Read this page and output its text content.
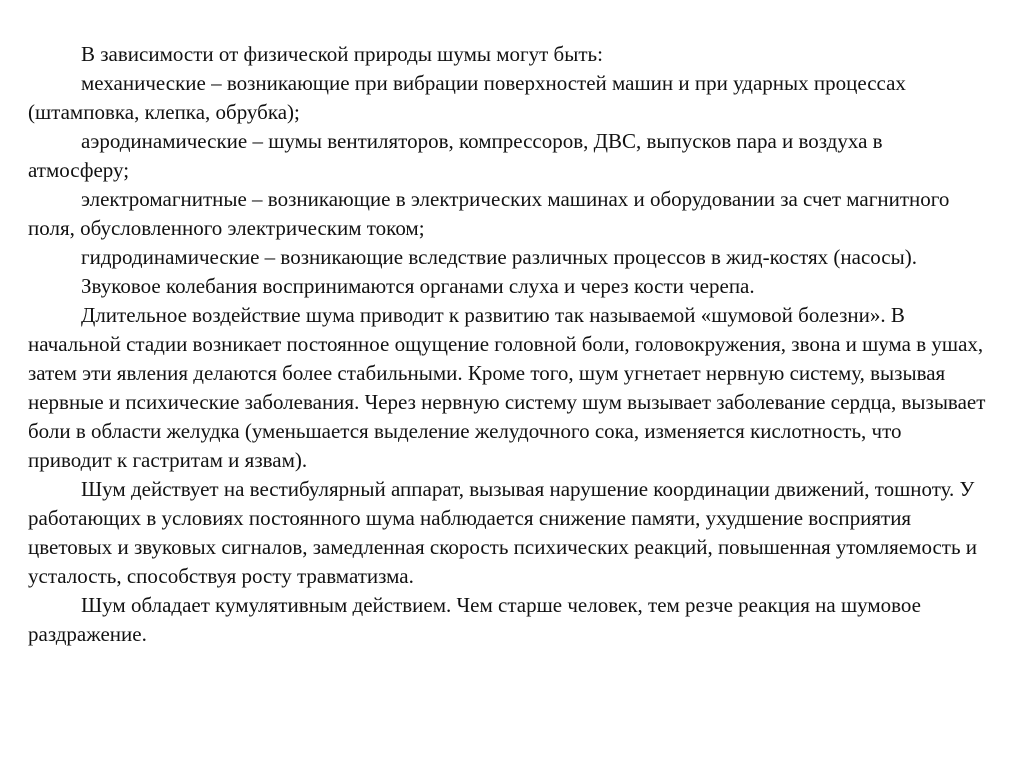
В зависимости от физической природы шумы могут быть:

механические – возникающие при вибрации поверхностей машин и при ударных процессах (штамповка, клепка, обрубка);

аэродинамические – шумы вентиляторов, компрессоров, ДВС, выпусков пара и воздуха в атмосферу;

электромагнитные – возникающие в электрических машинах и оборудовании за счет магнитного поля, обусловленного электрическим током;

гидродинамические – возникающие вследствие различных процессов в жид-костях (насосы).

Звуковое колебания воспринимаются органами слуха и через кости черепа.

Длительное воздействие шума приводит к развитию так называемой «шумовой болезни». В начальной стадии возникает постоянное ощущение головной боли, головокружения, звона и шума в ушах, затем эти явления делаются более стабильными. Кроме того, шум угнетает нервную систему, вызывая нервные и психические заболевания. Через нервную систему шум вызывает заболевание сердца, вызывает боли в области желудка (уменьшается выделение желудочного сока, изменяется кислотность, что приводит к гастритам и язвам).

Шум действует на вестибулярный аппарат, вызывая нарушение координации движений, тошноту. У работающих в условиях постоянного шума наблюдается снижение памяти, ухудшение восприятия цветовых и звуковых сигналов, замедленная скорость психических реакций, повышенная утомляемость и усталость, способствуя росту травматизма.

Шум обладает кумулятивным действием. Чем старше человек, тем резче реакция на шумовое раздражение.
